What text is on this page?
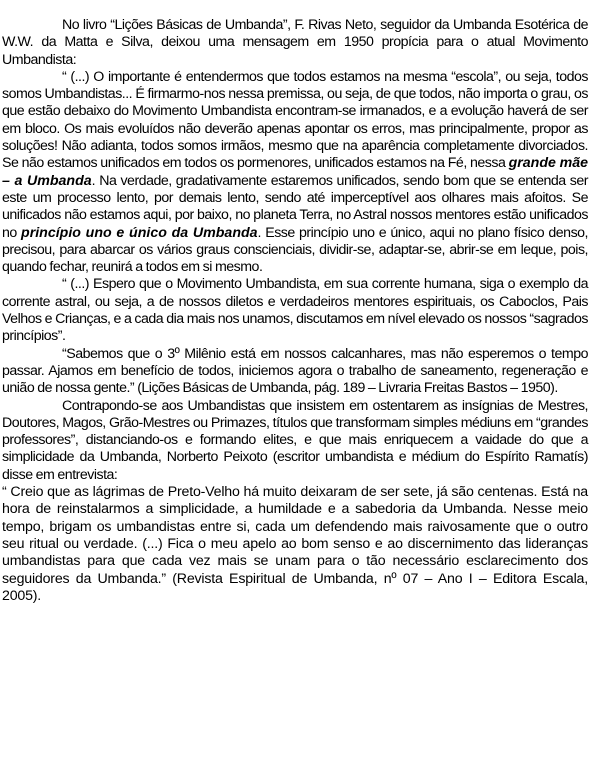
No livro “Lições Básicas de Umbanda”, F. Rivas Neto, seguidor da Umbanda Esotérica de W.W. da Matta e Silva, deixou uma mensagem em 1950 propícia para o atual Movimento Umbandista:

“ (...) O importante é entendermos que todos estamos na mesma “escola”, ou seja, todos somos Umbandistas... É firmarmo-nos nessa premissa, ou seja, de que todos, não importa o grau, os que estão debaixo do Movimento Umbandista encontram-se irmanados, e a evolução haverá de ser em bloco. Os mais evoluídos não deverão apenas apontar os erros, mas principalmente, propor as soluções! Não adianta, todos somos irmãos, mesmo que na aparência completamente divorciados. Se não estamos unificados em todos os pormenores, unificados estamos na Fé, nessa grande mãe – a Umbanda. Na verdade, gradativamente estaremos unificados, sendo bom que se entenda ser este um processo lento, por demais lento, sendo até imperceptível aos olhares mais afoitos. Se unificados não estamos aqui, por baixo, no planeta Terra, no Astral nossos mentores estão unificados no princípio uno e único da Umbanda. Esse princípio uno e único, aqui no plano físico denso, precisou, para abarcar os vários graus conscienciais, dividir-se, adaptar-se, abrir-se em leque, pois, quando fechar, reunirá a todos em si mesmo.

“ (...) Espero que o Movimento Umbandista, em sua corrente humana, siga o exemplo da corrente astral, ou seja, a de nossos diletos e verdadeiros mentores espirituais, os Caboclos, Pais Velhos e Crianças, e a cada dia mais nos unamos, discutamos em nível elevado os nossos “sagrados princípios”.

“Sabemos que o 3º Milênio está em nossos calcanhares, mas não esperemos o tempo passar. Ajamos em benefício de todos, iniciemos agora o trabalho de saneamento, regeneração e união de nossa gente.” (Lições Básicas de Umbanda, pág. 189 – Livraria Freitas Bastos – 1950).

Contrapondo-se aos Umbandistas que insistem em ostentarem as insígnias de Mestres, Doutores, Magos, Grão-Mestres ou Primazes, títulos que transformam simples médiuns em “grandes professores”, distanciando-os e formando elites, e que mais enriquecem a vaidade do que a simplicidade da Umbanda, Norberto Peixoto (escritor umbandista e médium do Espírito Ramatís) disse em entrevista:

“ Creio que as lágrimas de Preto-Velho há muito deixaram de ser sete, já são centenas. Está na hora de reinstalarmos a simplicidade, a humildade e a sabedoria da Umbanda. Nesse meio tempo, brigam os umbandistas entre si, cada um defendendo mais raivosamente que o outro seu ritual ou verdade. (...) Fica o meu apelo ao bom senso e ao discernimento das lideranças umbandistas para que cada vez mais se unam para o tão necessário esclarecimento dos seguidores da Umbanda.” (Revista Espiritual de Umbanda, nº 07 – Ano I – Editora Escala, 2005).
